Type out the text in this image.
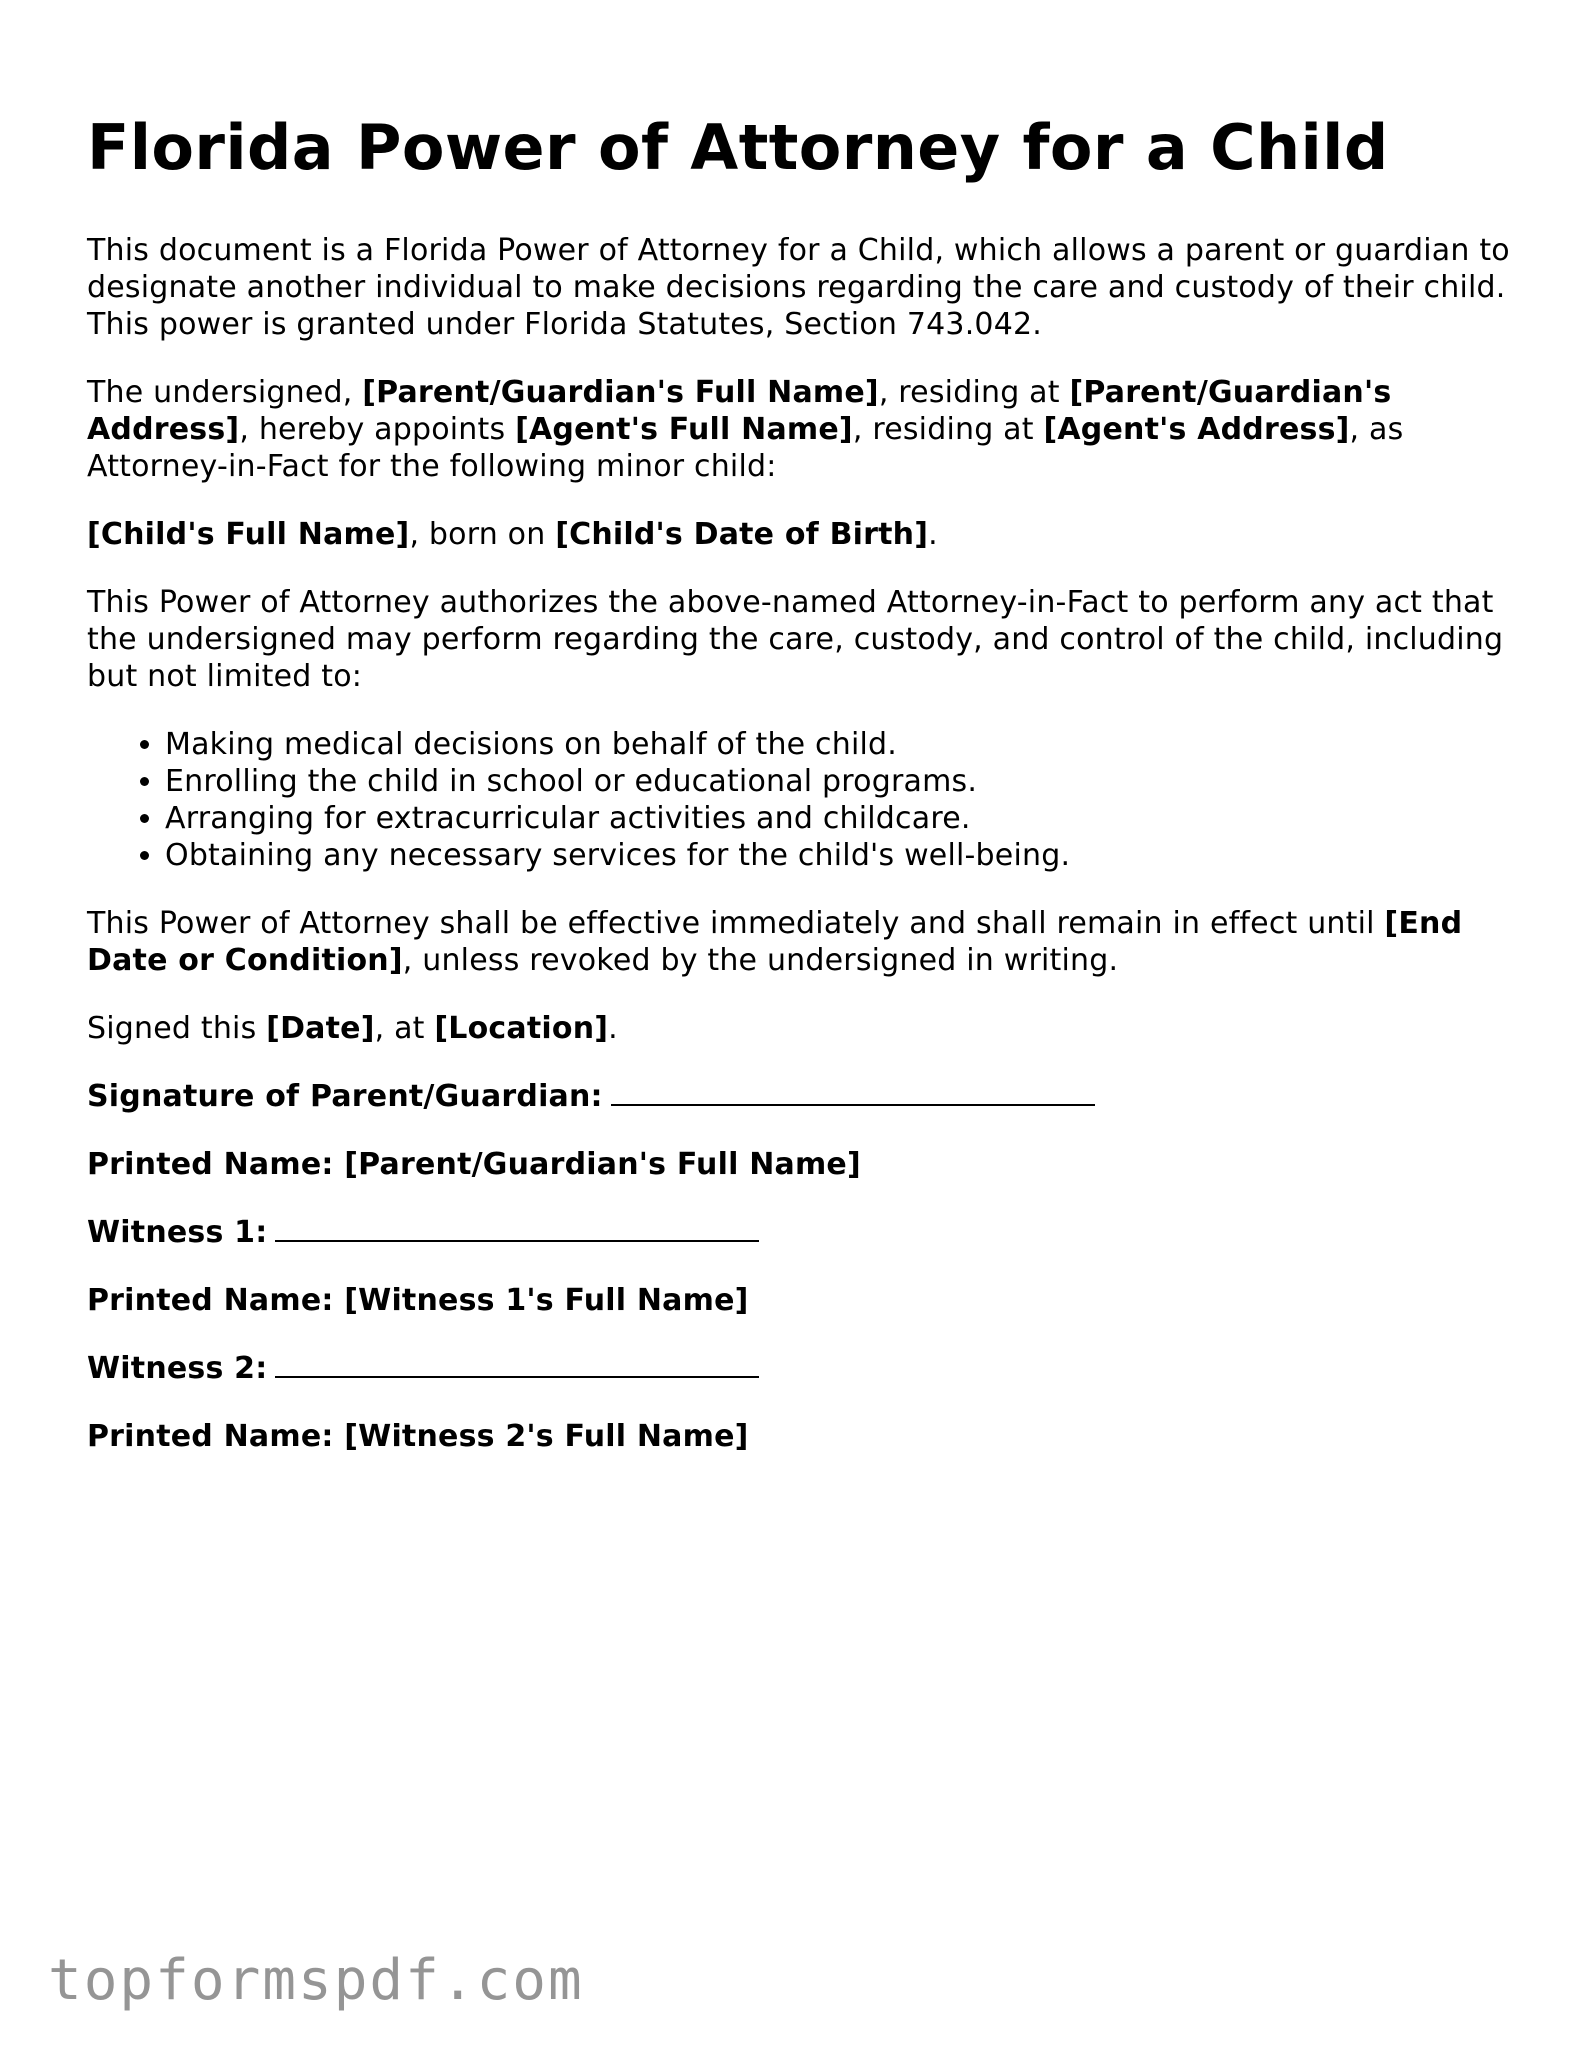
Florida Power of Attorney for a Child

This document is a Florida Power of Attorney for a Child, which allows a parent or guardian to designate another individual to make decisions regarding the care and custody of their child. This power is granted under Florida Statutes, Section 743.042.

The undersigned, [Parent/Guardian's Full Name], residing at [Parent/Guardian's Address], hereby appoints [Agent's Full Name], residing at [Agent's Address], as Attorney-in-Fact for the following minor child:

[Child's Full Name], born on [Child's Date of Birth].

This Power of Attorney authorizes the above-named Attorney-in-Fact to perform any act that the undersigned may perform regarding the care, custody, and control of the child, including but not limited to:

• Making medical decisions on behalf of the child.
• Enrolling the child in school or educational programs.
• Arranging for extracurricular activities and childcare.
• Obtaining any necessary services for the child's well-being.

This Power of Attorney shall be effective immediately and shall remain in effect until [End Date or Condition], unless revoked by the undersigned in writing.

Signed this [Date], at [Location].

Signature of Parent/Guardian:

Printed Name: [Parent/Guardian's Full Name]

Witness 1:

Printed Name: [Witness 1's Full Name]

Witness 2:

Printed Name: [Witness 2's Full Name]

topformspdf.com
